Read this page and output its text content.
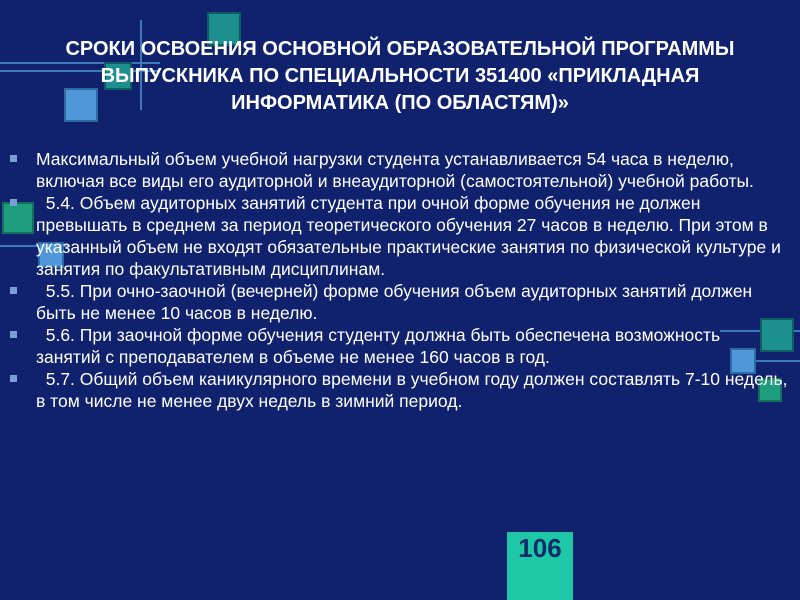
СРОКИ ОСВОЕНИЯ ОСНОВНОЙ ОБРАЗОВАТЕЛЬНОЙ ПРОГРАММЫ
ВЫПУСКНИКА ПО СПЕЦИАЛЬНОСТИ 351400 «ПРИКЛАДНАЯ
ИНФОРМАТИКА (ПО ОБЛАСТЯМ)»
Максимальный объем учебной нагрузки студента устанавливается 54 часа в неделю, включая все виды его аудиторной и внеаудиторной (самостоятельной) учебной работы.
5.4. Объем аудиторных занятий студента при очной форме обучения не должен превышать в среднем за период теоретического обучения 27 часов в неделю. При этом в указанный объем не входят обязательные практические занятия по физической культуре и занятия по факультативным дисциплинам.
5.5. При очно-заочной (вечерней) форме обучения объем аудиторных занятий должен быть не менее 10 часов в неделю.
5.6. При заочной форме обучения студенту должна быть обеспечена возможность занятий с преподавателем в объеме не менее 160 часов в год.
5.7. Общий объем каникулярного времени в учебном году должен составлять 7-10 недель, в том числе не менее двух недель в зимний период.
106
